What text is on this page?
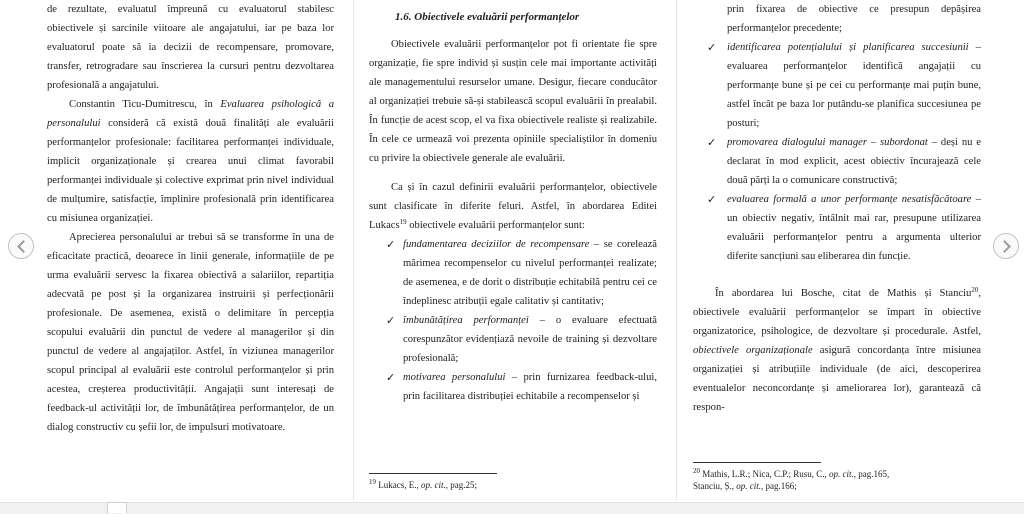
de rezultate, evaluatul împreună cu evaluatorul stabilesc obiectivele și sarcinile viitoare ale angajatului, iar pe baza lor evaluatorul poate să ia decizii de recompensare, promovare, transfer, retrogradare sau înscrierea la cursuri pentru dezvoltarea profesională a angajatului.

Constantin Ticu-Dumitrescu, în Evaluarea psihologică a personalului consideră că există două finalități ale evaluării performanțelor profesionale: facilitarea performanței individuale, implicit organizaționale și crearea unui climat favorabil performanței individuale și colective exprimat prin nivel individual de mulțumire, satisfacție, împlinire profesională prin identificarea cu misiunea organizației.

Aprecierea personalului ar trebui să se transforme în una de eficacitate practică, deoarece în linii generale, informațiile de pe urma evaluării servesc la fixarea obiectivă a salariilor, repartiția adecvată pe post și la organizarea instruirii și perfecționării profesionale. De asemenea, există o delimitare în percepția scopului evaluării din punctul de vedere al managerilor și din punctul de vedere al angajaților. Astfel, în viziunea managerilor scopul principal al evaluării este controlul performanțelor și prin acestea, creșterea productivității. Angajații sunt interesați de feedback-ul activității lor, de îmbunătățirea performanțelor, de un dialog constructiv cu șefii lor, de impulsuri motivatoare.

1.6. Obiectivele evaluării performanțelor

Obiectivele evaluării performanțelor pot fi orientate fie spre organizație, fie spre individ și susțin cele mai importante activități ale managementului resurselor umane. Desigur, fiecare conducător al organizației trebuie să-și stabilească scopul evaluării în prealabil. În funcție de acest scop, el va fixa obiectivele realiste și realizabile. În cele ce urmează voi prezenta opiniile specialiștilor în domeniu cu privire la obiectivele generale ale evaluării.

Ca și în cazul definirii evaluării performanțelor, obiectivele sunt clasificate în diferite feluri. Astfel, în abordarea Editei Lukacs$^{19}$ obiectivele evaluării performanțelor sunt:

✓ fundamentarea deciziilor de recompensare – se corelează mărimea recompenselor cu nivelul performanței realizate; de asemenea, e de dorit o distribuție echitabilă pentru cei ce îndeplinesc atribuții egale calitativ și cantitativ;
✓ îmbunătățirea performanței – o evaluare efectuată corespunzător evidențiază nevoile de training și dezvoltare profesională;
✓ motivarea personalului – prin furnizarea feedback-ului, prin facilitarea distribuției echitabile a recompenselor și
$^{19}$ Lukacs, E., op. cit., pag.25;

prin fixarea de obiective ce presupun depășirea performanțelor precedente;

✓ identificarea potențialului și planificarea succesiunii – evaluarea performanțelor identifică angajații cu performanțe bune și pe cei cu performanțe mai puțin bune, astfel încât pe baza lor putându-se planifica succesiunea pe posturi;
✓ promovarea dialogului manager – subordonat – deși nu e declarat în mod explicit, acest obiectiv încurajează cele două părți la o comunicare constructivă;
✓ evaluarea formală a unor performanțe nesatisfăcătoare – un obiectiv negativ, întâlnit mai rar, presupune utilizarea evaluării performanțelor pentru a argumenta ulterior diferite sancțiuni sau eliberarea din funcție.

În abordarea lui Bosche, citat de Mathis și Stanciu$^{20}$, obiectivele evaluării performanțelor se împart în obiective organizatorice, psihologice, de dezvoltare și procedurale. Astfel, obiectivele organizaționale asigură concordanța între misiunea organizației și atribuțiile individuale (de aici, descoperirea eventualelor neconcordanțe și ameliorarea lor), garantează că respon-

$^{20}$ Mathis, L.R.; Nica, C.P.; Rusu, C., op. cit., pag.165,
Stanciu, Ș., op. cit., pag.166;
